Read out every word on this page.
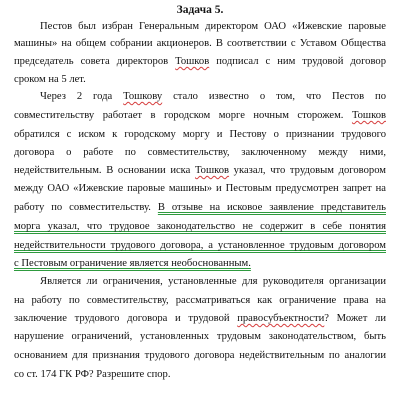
Задача 5.
Пестов был избран Генеральным директором ОАО «Ижевские паровые
машины» на общем собрании акционеров. В соответствии с Уставом Общества
председатель совета директоров Тошков подписал с ним трудовой договор
сроком на 5 лет.
Через 2 года Тошкову стало известно о том, что Пестов по
совместительству работает в городском морге ночным сторожем. Тошков
обратился с иском к городскому моргу и Пестову о признании трудового
договора о работе по совместительству, заключенному между ними,
недействительным. В основании иска Тошков указал, что трудовым договором
между ОАО «Ижевские паровые машины» и Пестовым предусмотрен запрет на
работу по совместительству. В отзыве на исковое заявление представитель
морга указал, что трудовое законодательство не содержит в себе понятия
недействительности трудового договора, а установленное трудовым договором
с Пестовым ограничение является необоснованным.
Является ли ограничения, установленные для руководителя организации
на работу по совместительству, рассматриваться как ограничение права на
заключение трудового договора и трудовой правосубъектности? Может ли
нарушение ограничений, установленных трудовым законодательством, быть
основанием для признания трудового договора недействительным по аналогии
со ст. 174 ГК РФ? Разрешите спор.
